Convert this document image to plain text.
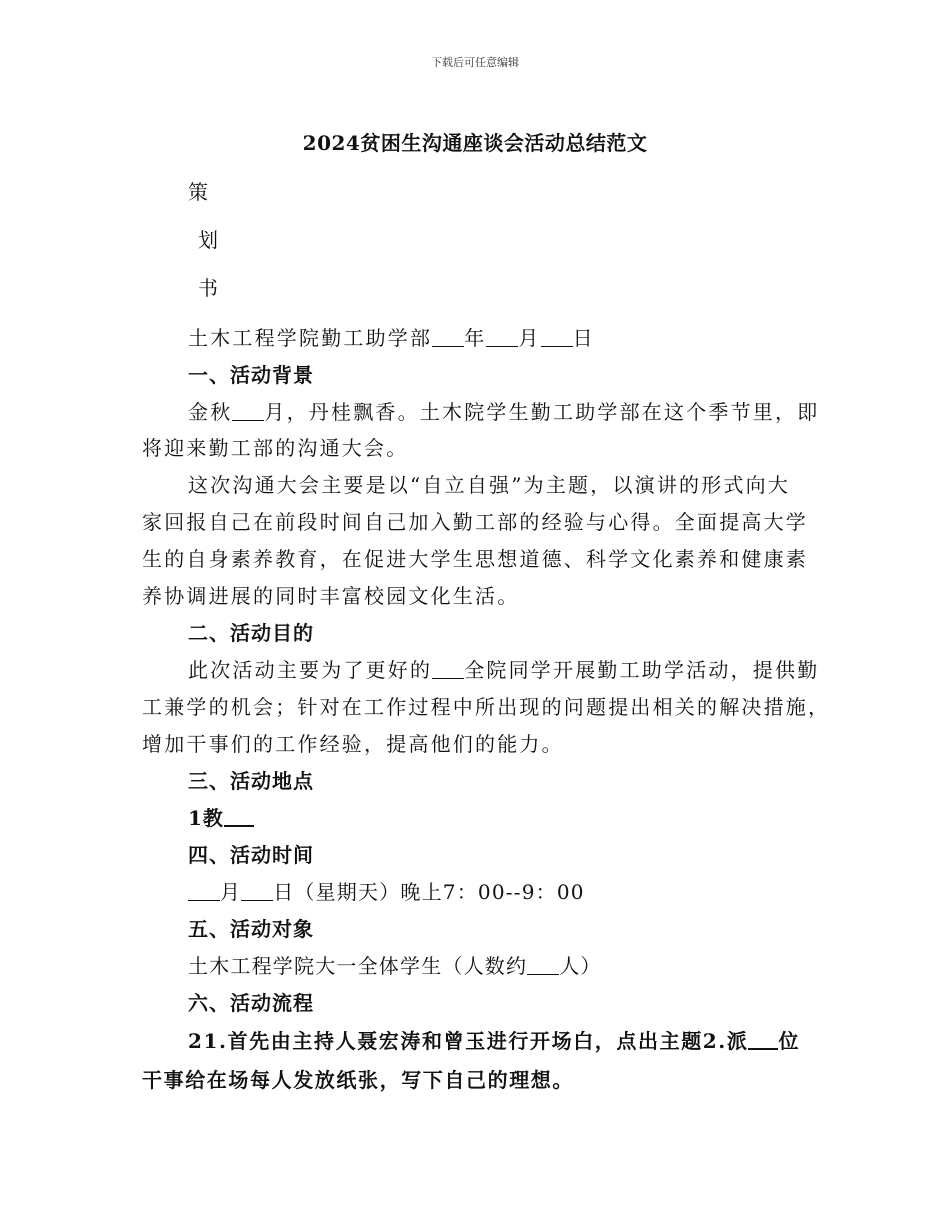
下载后可任意编辑
2024贫困生沟通座谈会活动总结范文
策
划
书
土木工程学院勤工助学部 年 月 日
一、活动背景
金秋 月，丹桂飘香。土木院学生勤工助学部在这个季节里，即
将迎来勤工部的沟通大会。
这次沟通大会主要是以“自立自强”为主题，以演讲的形式向大
家回报自己在前段时间自己加入勤工部的经验与心得。全面提高大学
生的自身素养教育，在促进大学生思想道德、科学文化素养和健康素
养协调进展的同时丰富校园文化生活。
二、活动目的
此次活动主要为了更好的 全院同学开展勤工助学活动，提供勤
工兼学的机会；针对在工作过程中所出现的问题提出相关的解决措施，
增加干事们的工作经验，提高他们的能力。
三、活动地点
1教
四、活动时间
月 日（星期天）晚上7：00--9：00
五、活动对象
土木工程学院大一全体学生（人数约 人）
六、活动流程
21.首先由主持人聂宏涛和曾玉进行开场白，点出主题2.派 位
干事给在场每人发放纸张，写下自己的理想。
